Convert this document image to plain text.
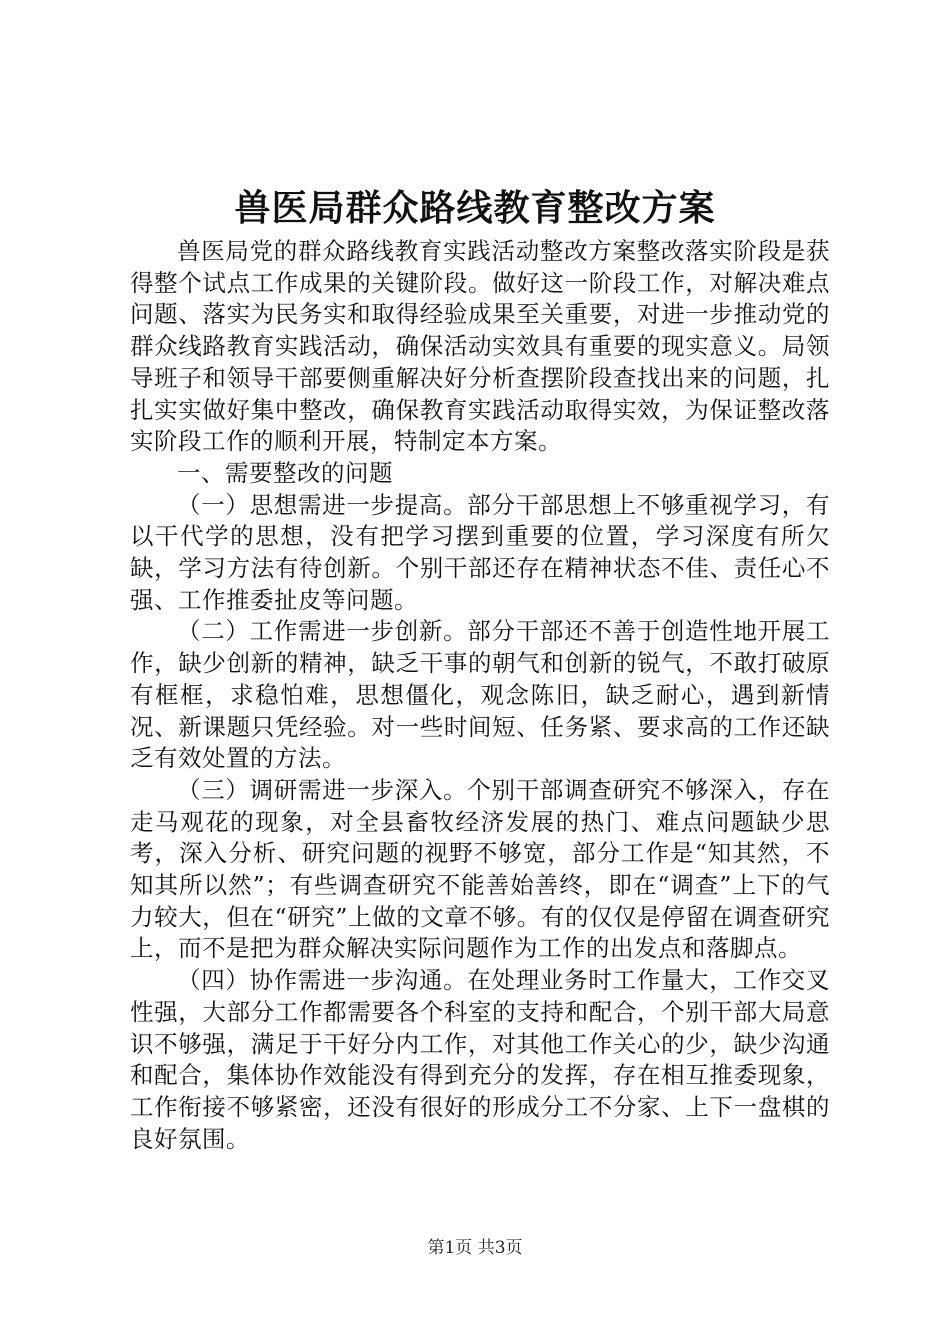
兽医局群众路线教育整改方案

兽医局党的群众路线教育实践活动整改方案整改落实阶段是获得整个试点工作成果的关键阶段。做好这一阶段工作，对解决难点问题、落实为民务实和取得经验成果至关重要，对进一步推动党的群众线路教育实践活动，确保活动实效具有重要的现实意义。局领导班子和领导干部要侧重解决好分析查摆阶段查找出来的问题，扎扎实实做好集中整改，确保教育实践活动取得实效，为保证整改落实阶段工作的顺利开展，特制定本方案。

一、需要整改的问题

（一）思想需进一步提高。部分干部思想上不够重视学习，有以干代学的思想，没有把学习摆到重要的位置，学习深度有所欠缺，学习方法有待创新。个别干部还存在精神状态不佳、责任心不强、工作推委扯皮等问题。

（二）工作需进一步创新。部分干部还不善于创造性地开展工作，缺少创新的精神，缺乏干事的朝气和创新的锐气，不敢打破原有框框，求稳怕难，思想僵化，观念陈旧，缺乏耐心，遇到新情况、新课题只凭经验。对一些时间短、任务紧、要求高的工作还缺乏有效处置的方法。

（三）调研需进一步深入。个别干部调查研究不够深入，存在走马观花的现象，对全县畜牧经济发展的热门、难点问题缺少思考，深入分析、研究问题的视野不够宽，部分工作是“知其然，不知其所以然”；有些调查研究不能善始善终，即在“调查”上下的气力较大，但在“研究”上做的文章不够。有的仅仅是停留在调查研究上，而不是把为群众解决实际问题作为工作的出发点和落脚点。

（四）协作需进一步沟通。在处理业务时工作量大，工作交叉性强，大部分工作都需要各个科室的支持和配合，个别干部大局意识不够强，满足于干好分内工作，对其他工作关心的少，缺少沟通和配合，集体协作效能没有得到充分的发挥，存在相互推委现象，工作衔接不够紧密，还没有很好的形成分工不分家、上下一盘棋的良好氛围。

第1页 共3页
